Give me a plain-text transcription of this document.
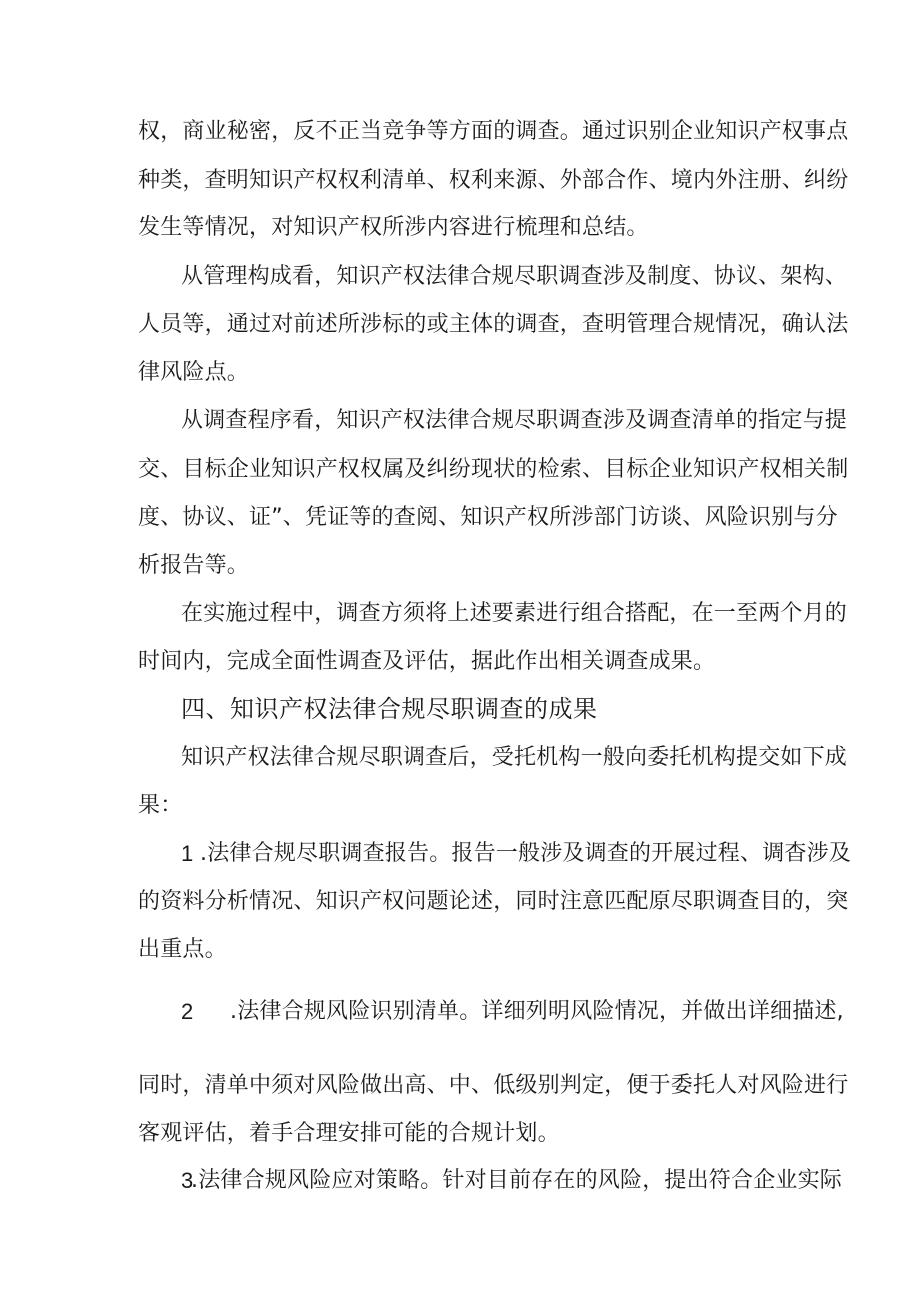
权，商业秘密，反不正当竞争等方面的调查。通过识别企业知识产权事点

种类，查明知识产权权利清单、权利来源、外部合作、境内外注册、纠纷

发生等情况，对知识产权所涉内容进行梳理和总结。

从管理构成看，知识产权法律合规尽职调查涉及制度、协议、架构、

人员等，通过对前述所涉标的或主体的调查，查明管理合规情况，确认法

律风险点。

从调查程序看，知识产权法律合规尽职调查涉及调查清单的指定与提

交、目标企业知识产权权属及纠纷现状的检索、目标企业知识产权相关制

度、协议、证”、凭证等的查阅、知识产权所涉部门访谈、风险识别与分

析报告等。

在实施过程中，调查方须将上述要素进行组合搭配，在一至两个月的

时间内，完成全面性调查及评估，据此作出相关调查成果。

四、知识产权法律合规尽职调查的成果

知识产权法律合规尽职调查后，受托机构一般向委托机构提交如下成

果：

1 .法律合规尽职调查报告。报告一般涉及调查的开展过程、调杳涉及

的资料分析情况、知识产权问题论述，同时注意匹配原尽职调查目的，突

出重点。

2 .法律合规风险识别清单。详细列明风险情况，并做出详细描述,

同时，清单中须对风险做出高、中、低级别判定，便于委托人对风险进行

客观评估，着手合理安排可能的合规计划。

3

.法律合规风险应对策略。针对目前存在的风险，提出符合企业实际
